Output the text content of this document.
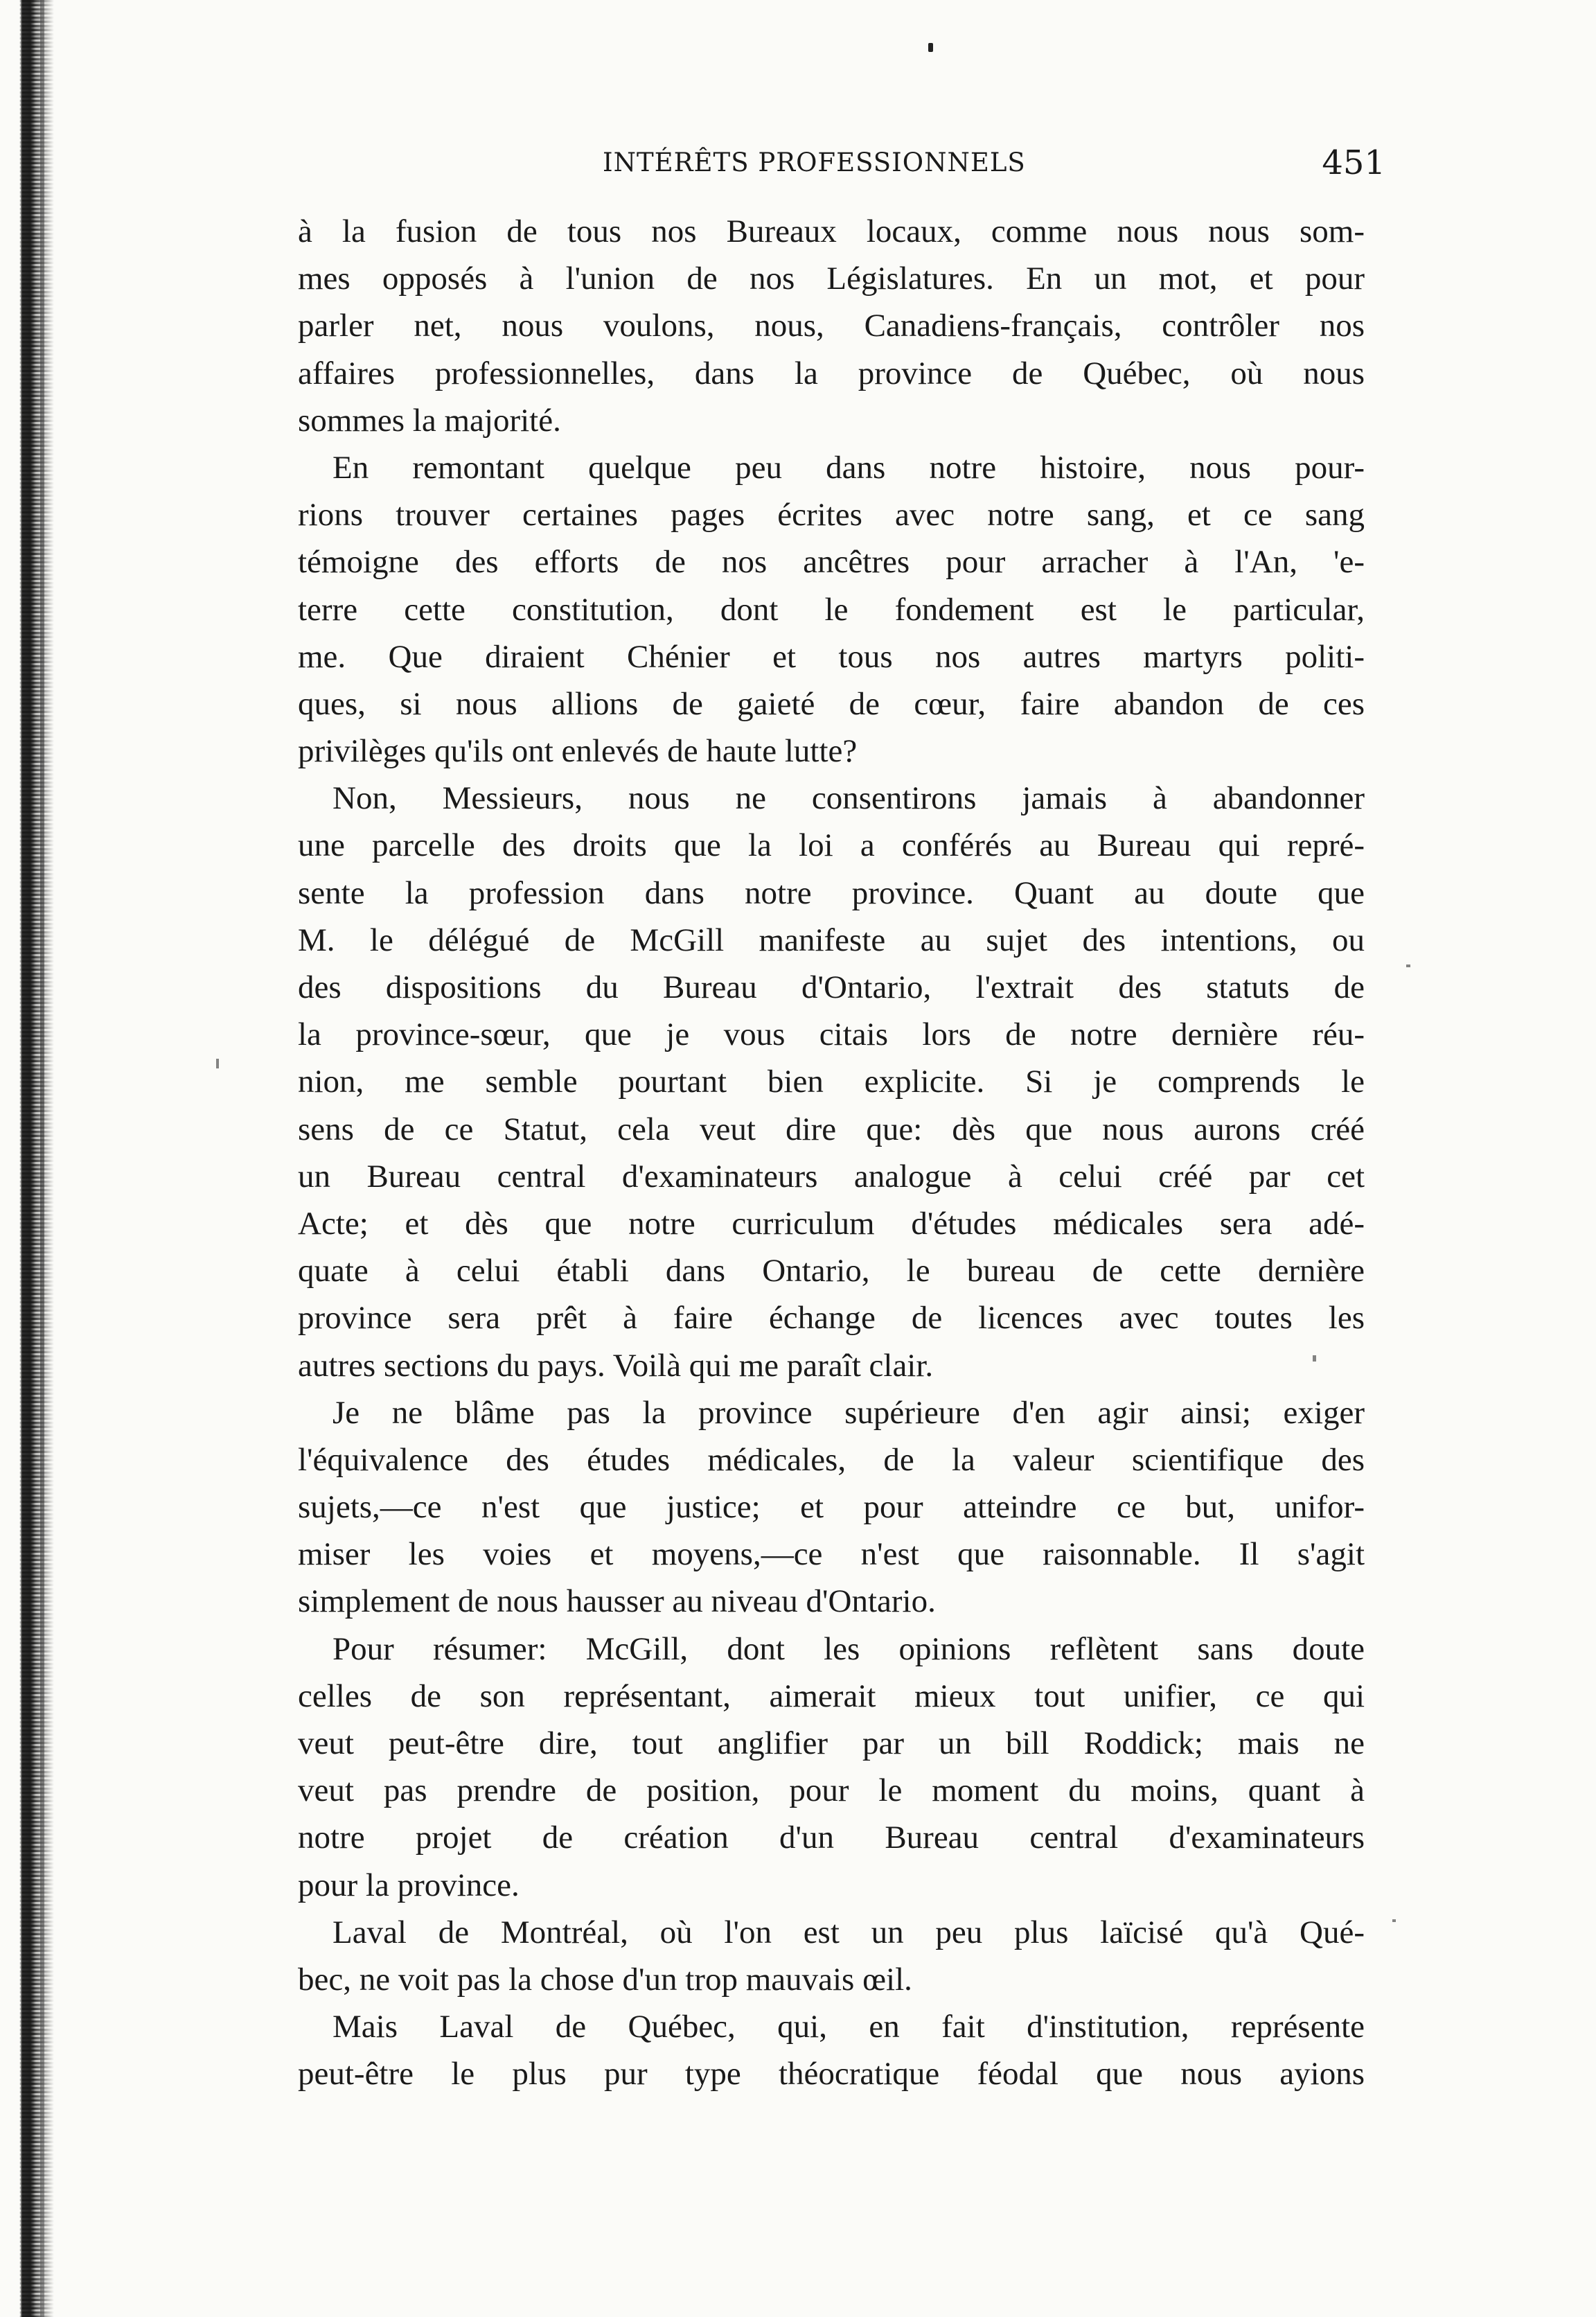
INTÉRÊTS PROFESSIONNELS	451
à la fusion de tous nos Bureaux locaux, comme nous nous som-
mes opposés à l'union de nos Législatures. En un mot, et pour
parler net, nous voulons, nous, Canadiens-français, contrôler nos
affaires professionnelles, dans la province de Québec, où nous
sommes la majorité.
En remontant quelque peu dans notre histoire, nous pour-
rions trouver certaines pages écrites avec notre sang, et ce sang
témoigne des efforts de nos ancêtres pour arracher à l'An, 'e-
terre cette constitution, dont le fondement est le particular,
me. Que diraient Chénier et tous nos autres martyrs politi-
ques, si nous allions de gaieté de cœur, faire abandon de ces
privilèges qu'ils ont enlevés de haute lutte?
Non, Messieurs, nous ne consentirons jamais à abandonner
une parcelle des droits que la loi a conférés au Bureau qui repré-
sente la profession dans notre province. Quant au doute que
M. le délégué de McGill manifeste au sujet des intentions, ou
des dispositions du Bureau d'Ontario, l'extrait des statuts de
la province-sœur, que je vous citais lors de notre dernière réu-
nion, me semble pourtant bien explicite. Si je comprends le
sens de ce Statut, cela veut dire que: dès que nous aurons créé
un Bureau central d'examinateurs analogue à celui créé par cet
Acte; et dès que notre curriculum d'études médicales sera adé-
quate à celui établi dans Ontario, le bureau de cette dernière
province sera prêt à faire échange de licences avec toutes les
autres sections du pays. Voilà qui me paraît clair.
Je ne blâme pas la province supérieure d'en agir ainsi; exiger
l'équivalence des études médicales, de la valeur scientifique des
sujets,—ce n'est que justice; et pour atteindre ce but, unifor-
miser les voies et moyens,—ce n'est que raisonnable. Il s'agit
simplement de nous hausser au niveau d'Ontario.
Pour résumer: McGill, dont les opinions reflètent sans doute
celles de son représentant, aimerait mieux tout unifier, ce qui
veut peut-être dire, tout anglifier par un bill Roddick; mais ne
veut pas prendre de position, pour le moment du moins, quant à
notre projet de création d'un Bureau central d'examinateurs
pour la province.
Laval de Montréal, où l'on est un peu plus laïcisé qu'à Qué-
bec, ne voit pas la chose d'un trop mauvais œil.
Mais Laval de Québec, qui, en fait d'institution, représente
peut-être le plus pur type théocratique féodal que nous ayions
